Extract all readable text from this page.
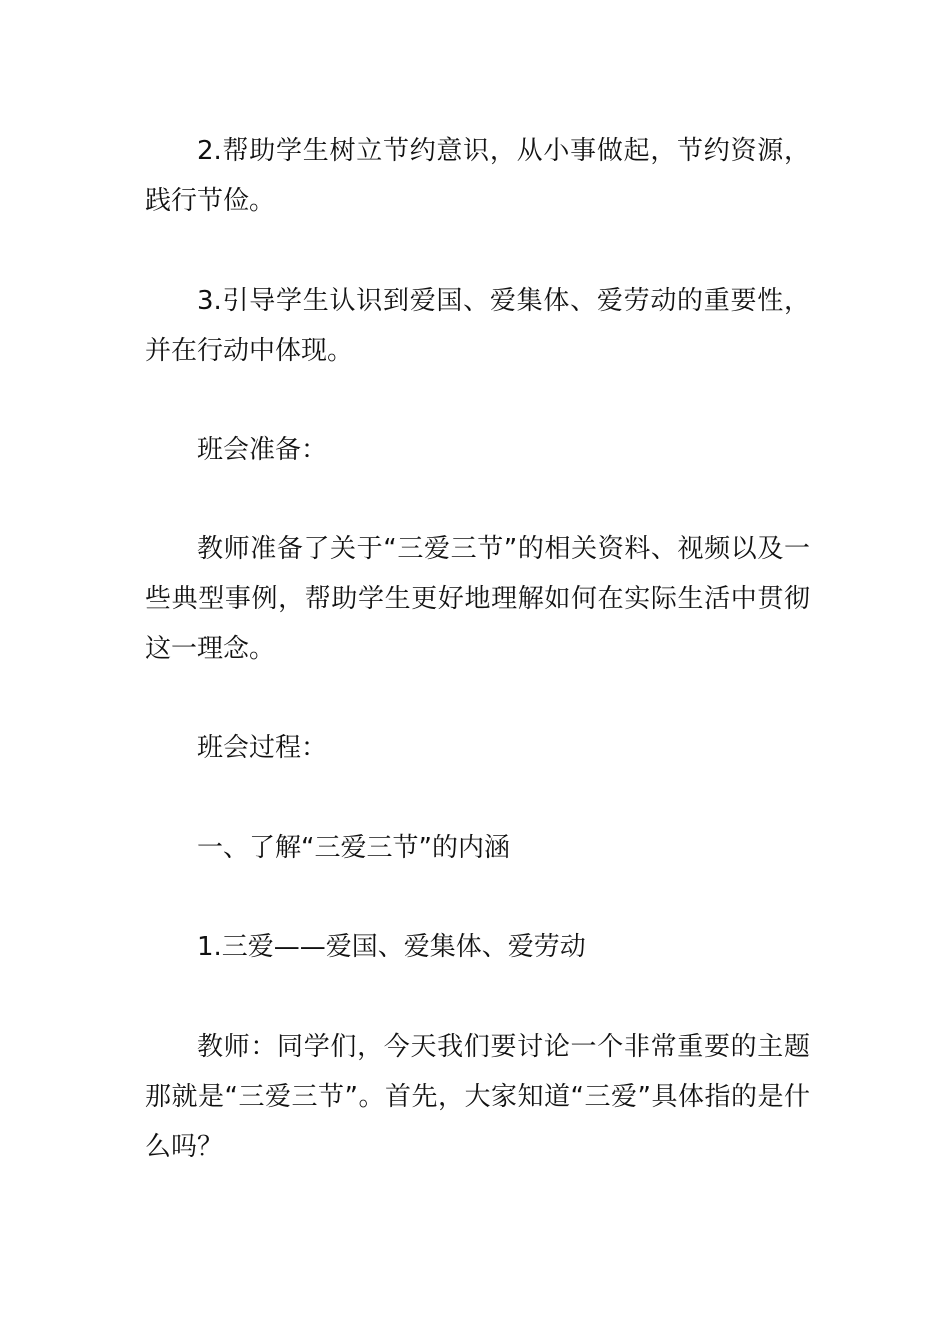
2.帮助学生树立节约意识，从小事做起，节约资源，践行节俭。

3.引导学生认识到爱国、爱集体、爱劳动的重要性，并在行动中体现。

班会准备：

教师准备了关于“三爱三节”的相关资料、视频以及一些典型事例，帮助学生更好地理解如何在实际生活中贯彻这一理念。

班会过程：

一、了解“三爱三节”的内涵

1.三爱——爱国、爱集体、爱劳动

教师：同学们，今天我们要讨论一个非常重要的主题那就是“三爱三节”。首先，大家知道“三爱”具体指的是什么吗？
